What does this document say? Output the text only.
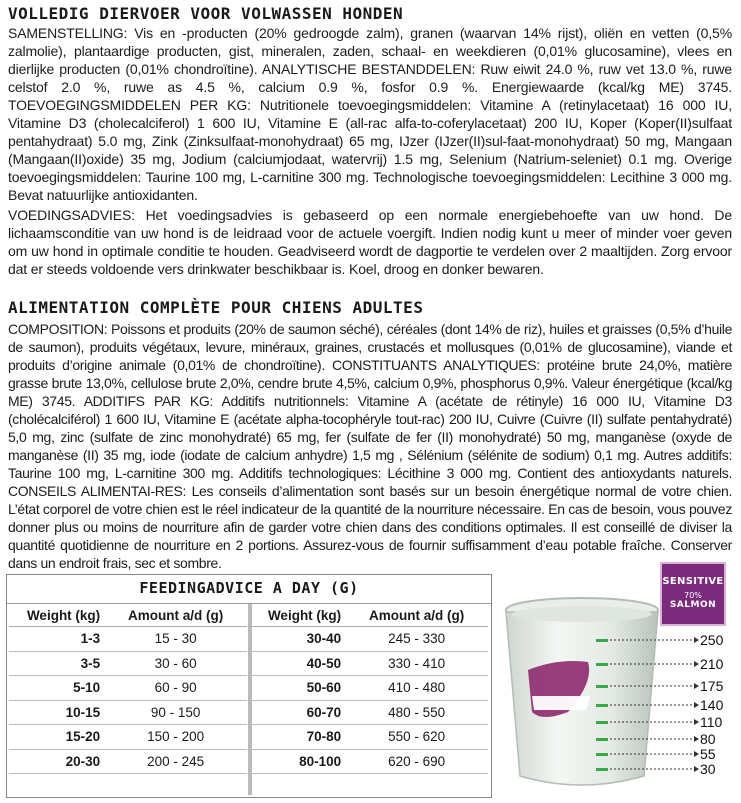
VOLLEDIG DIERVOER VOOR VOLWASSEN HONDEN
SAMENSTELLING: Vis en -producten (20% gedroogde zalm), granen (waarvan 14% rijst), oliën en vetten (0,5% zalmolie), plantaardige producten, gist, mineralen, zaden, schaal- en weekdieren (0,01% glucosamine), vlees en dierlijke producten (0,01% chondroïtine). ANALYTISCHE BESTANDDELEN: Ruw eiwit 24.0 %, ruw vet 13.0 %, ruwe celstof 2.0 %, ruwe as 4.5 %, calcium 0.9 %, fosfor 0.9 %. Energiewaarde (kcal/kg ME) 3745. TOEVOEGINGSMIDDELEN PER KG: Nutritionele toevoegingsmiddelen: Vitamine A (retinylacetaat) 16 000 IU, Vitamine D3 (cholecalciferol) 1 600 IU, Vitamine E (all-rac alfa-to-coferylacetaat) 200 IU, Koper (Koper(II)sulfaat pentahydraat) 5.0 mg, Zink (Zinksulfaat-monohydraat) 65 mg, IJzer (IJzer(II)sul-faat-monohydraat) 50 mg, Mangaan (Mangaan(II)oxide) 35 mg, Jodium (calciumjodaat, watervrij) 1.5 mg, Selenium (Natrium-seleniet) 0.1 mg. Overige toevoegingsmiddelen: Taurine 100 mg, L-carnitine 300 mg. Technologische toevoegingsmiddelen: Lecithine 3 000 mg. Bevat natuurlijke antioxidanten.
VOEDINGSADVIES: Het voedingsadvies is gebaseerd op een normale energiebehoefte van uw hond. De lichaamsconditie van uw hond is de leidraad voor de actuele voergift. Indien nodig kunt u meer of minder voer geven om uw hond in optimale conditie te houden. Geadviseerd wordt de dagportie te verdelen over 2 maaltijden. Zorg ervoor dat er steeds voldoende vers drinkwater beschikbaar is. Koel, droog en donker bewaren.
ALIMENTATION COMPLÈTE POUR CHIENS ADULTES
COMPOSITION: Poissons et produits (20% de saumon séché), céréales (dont 14% de riz), huiles et graisses (0,5% d’huile de saumon), produits végétaux, levure, minéraux, graines, crustacés et mollusques (0,01% de glucosamine), viande et produits d’origine animale (0,01% de chondroïtine). CONSTITUANTS ANALYTIQUES: protéine brute 24,0%, matière grasse brute 13,0%, cellulose brute 2,0%, cendre brute 4,5%, calcium 0,9%, phosphorus 0,9%. Valeur énergétique (kcal/kg ME) 3745. ADDITIFS PAR KG: Additifs nutritionnels: Vitamine A (acétate de rétinyle) 16 000 IU, Vitamine D3 (cholécalciférol) 1 600 IU, Vitamine E (acétate alpha-tocophéryle tout-rac) 200 IU, Cuivre (Cuivre (II) sulfate pentahydraté) 5,0 mg, zinc (sulfate de zinc monohydraté) 65 mg, fer (sulfate de fer (II) monohydraté) 50 mg, manganèse (oxyde de manganèse (II) 35 mg, iode (iodate de calcium anhydre) 1,5 mg , Sélénium (sélénite de sodium) 0,1 mg. Autres additifs: Taurine 100 mg, L-carnitine 300 mg. Additifs technologiques: Lécithine 3 000 mg. Contient des antioxydants naturels. CONSEILS ALIMENTAI-RES: Les conseils d’alimentation sont basés sur un besoin énergétique normal de votre chien. L’état corporel de votre chien est le réel indicateur de la quantité de la nourriture nécessaire. En cas de besoin, vous pouvez donner plus ou moins de nourriture afin de garder votre chien dans des conditions optimales. Il est conseillé de diviser la quantité quotidienne de nourriture en 2 portions. Assurez-vous de fournir suffisamment d’eau potable fraîche. Conserver dans un endroit frais, sec et sombre.
FEEDINGADVICE A DAY (G)
Weight (kg)	Amount a/d (g)
1-3	15 - 30
3-5	30 - 60
5-10	60 - 90
10-15	90 - 150
15-20	150 - 200
20-30	200 - 245
Weight (kg)	Amount a/d (g)
30-40	245 - 330
40-50	330 - 410
50-60	410 - 480
60-70	480 - 550
70-80	550 - 620
80-100	620 - 690
SENSITIVE
70%
SALMON
250
210
175
140
110
80
55
30
